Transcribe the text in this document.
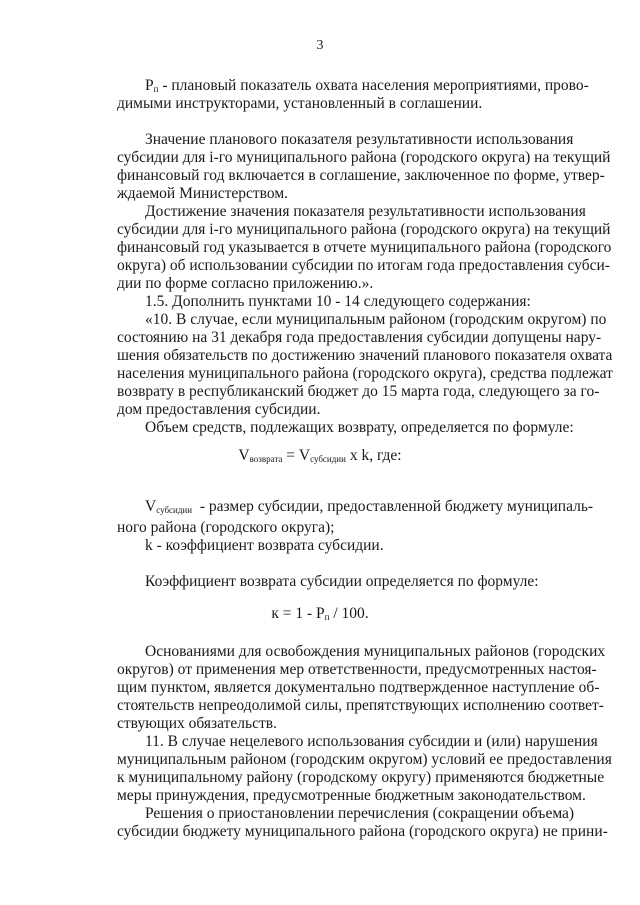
3
$P_п$ - плановый показатель охвата населения мероприятиями, прово-
димыми инструкторами, установленный в соглашении.
Значение планового показателя результативности использования
субсидии для i-го муниципального района (городского округа) на текущий
финансовый год включается в соглашение, заключенное по форме, утвер-
ждаемой Министерством.
Достижение значения показателя результативности использования
субсидии для i-го муниципального района (городского округа) на текущий
финансовый год указывается в отчете муниципального района (городского
округа) об использовании субсидии по итогам года предоставления субси-
дии по форме согласно приложению.».
1.5. Дополнить пунктами 10 - 14 следующего содержания:
«10. В случае, если муниципальным районом (городским округом) по
состоянию на 31 декабря года предоставления субсидии допущены нару-
шения обязательств по достижению значений планового показателя охвата
населения муниципального района (городского округа), средства подлежат
возврату в республиканский бюджет до 15 марта года, следующего за го-
дом предоставления субсидии.
Объем средств, подлежащих возврату, определяется по формуле:
$V_{возврата} = V_{субсидии}$ x k, где:
$V_{субсидии}$  - размер субсидии, предоставленной бюджету муниципаль-
ного района (городского округа);
k - коэффициент возврата субсидии.
Коэффициент возврата субсидии определяется по формуле:
$к = 1 - P_п / 100$.
Основаниями для освобождения муниципальных районов (городских
округов) от применения мер ответственности, предусмотренных настоя-
щим пунктом, является документально подтвержденное наступление об-
стоятельств непреодолимой силы, препятствующих исполнению соответ-
ствующих обязательств.
11. В случае нецелевого использования субсидии и (или) нарушения
муниципальным районом (городским округом) условий ее предоставления
к муниципальному району (городскому округу) применяются бюджетные
меры принуждения, предусмотренные бюджетным законодательством.
Решения о приостановлении перечисления (сокращении объема)
субсидии бюджету муниципального района (городского округа) не прини-
